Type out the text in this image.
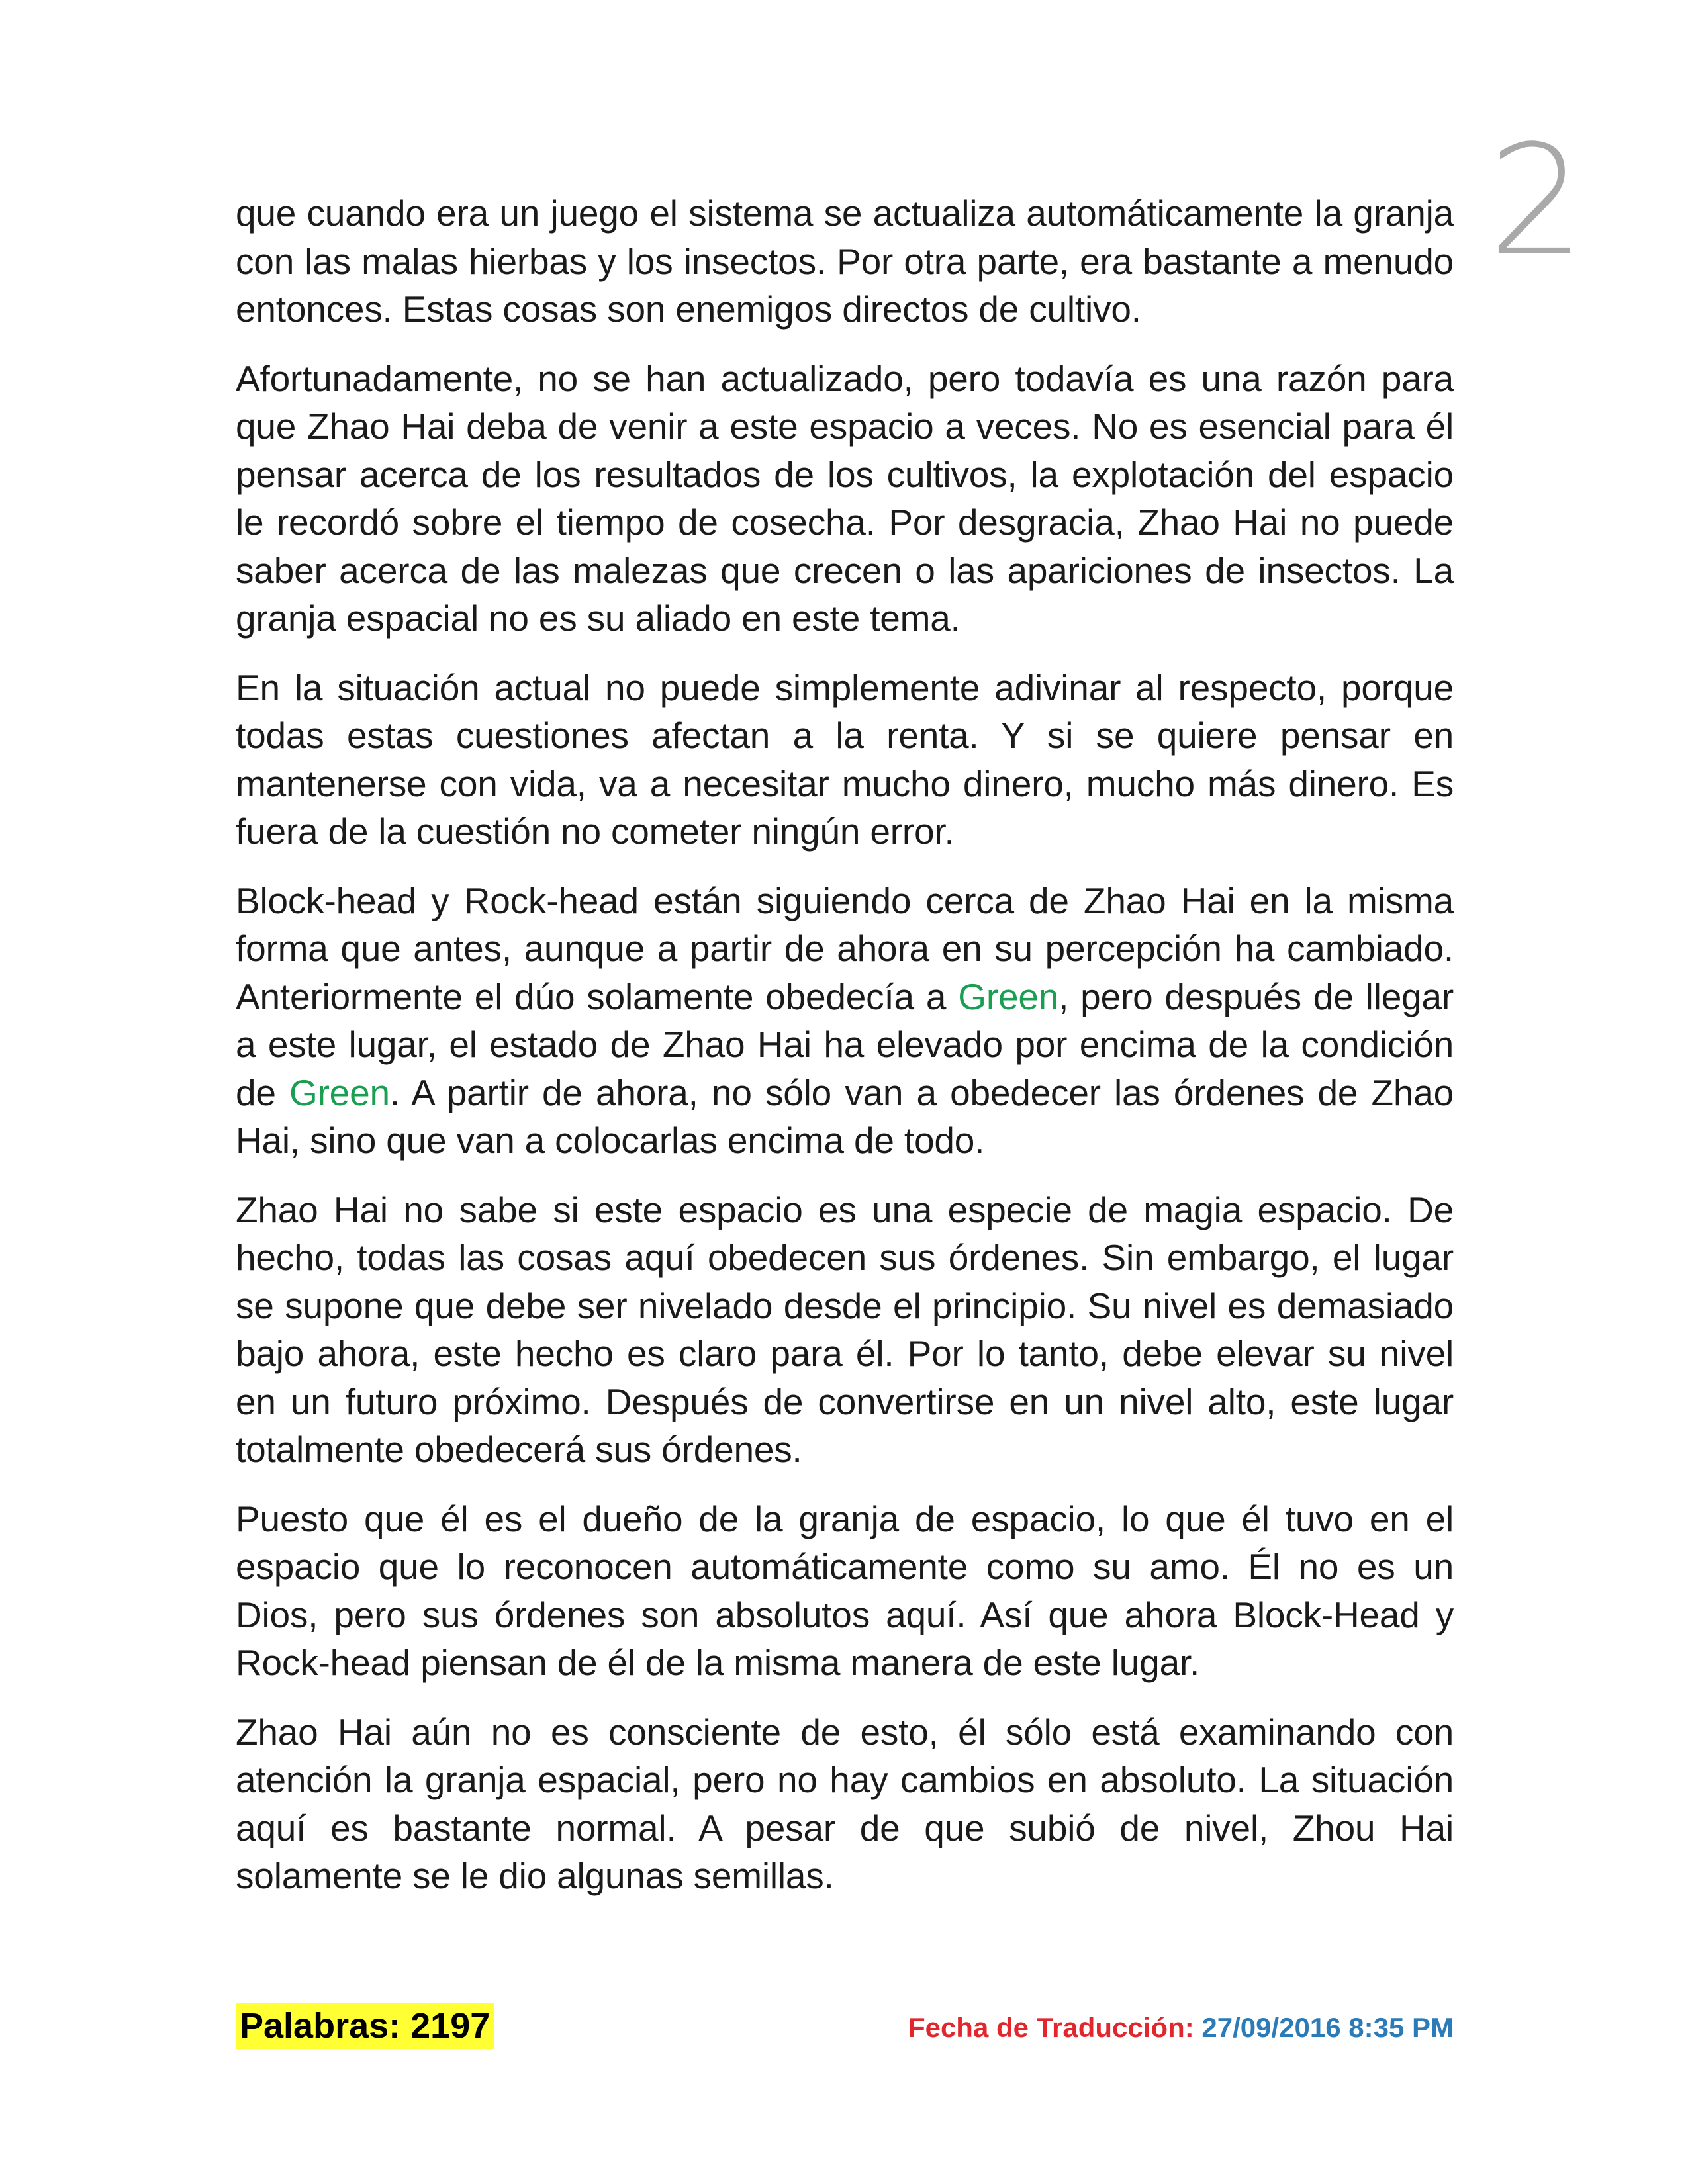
2

que cuando era un juego el sistema se actualiza automáticamente la granja con las malas hierbas y los insectos. Por otra parte, era bastante a menudo entonces. Estas cosas son enemigos directos de cultivo.

Afortunadamente, no se han actualizado, pero todavía es una razón para que Zhao Hai deba de venir a este espacio a veces. No es esencial para él pensar acerca de los resultados de los cultivos, la explotación del espacio le recordó sobre el tiempo de cosecha. Por desgracia, Zhao Hai no puede saber acerca de las malezas que crecen o las apariciones de insectos. La granja espacial no es su aliado en este tema.

En la situación actual no puede simplemente adivinar al respecto, porque todas estas cuestiones afectan a la renta. Y si se quiere pensar en mantenerse con vida, va a necesitar mucho dinero, mucho más dinero. Es fuera de la cuestión no cometer ningún error.

Block-head y Rock-head están siguiendo cerca de Zhao Hai en la misma forma que antes, aunque a partir de ahora en su percepción ha cambiado. Anteriormente el dúo solamente obedecía a Green, pero después de llegar a este lugar, el estado de Zhao Hai ha elevado por encima de la condición de Green. A partir de ahora, no sólo van a obedecer las órdenes de Zhao Hai, sino que van a colocarlas encima de todo.

Zhao Hai no sabe si este espacio es una especie de magia espacio. De hecho, todas las cosas aquí obedecen sus órdenes. Sin embargo, el lugar se supone que debe ser nivelado desde el principio. Su nivel es demasiado bajo ahora, este hecho es claro para él. Por lo tanto, debe elevar su nivel en un futuro próximo. Después de convertirse en un nivel alto, este lugar totalmente obedecerá sus órdenes.

Puesto que él es el dueño de la granja de espacio, lo que él tuvo en el espacio que lo reconocen automáticamente como su amo. Él no es un Dios, pero sus órdenes son absolutos aquí. Así que ahora Block-Head y Rock-head piensan de él de la misma manera de este lugar.

Zhao Hai aún no es consciente de esto, él sólo está examinando con atención la granja espacial, pero no hay cambios en absoluto. La situación aquí es bastante normal. A pesar de que subió de nivel, Zhou Hai solamente se le dio algunas semillas.

Palabras: 2197	Fecha de Traducción: 27/09/2016 8:35 PM
